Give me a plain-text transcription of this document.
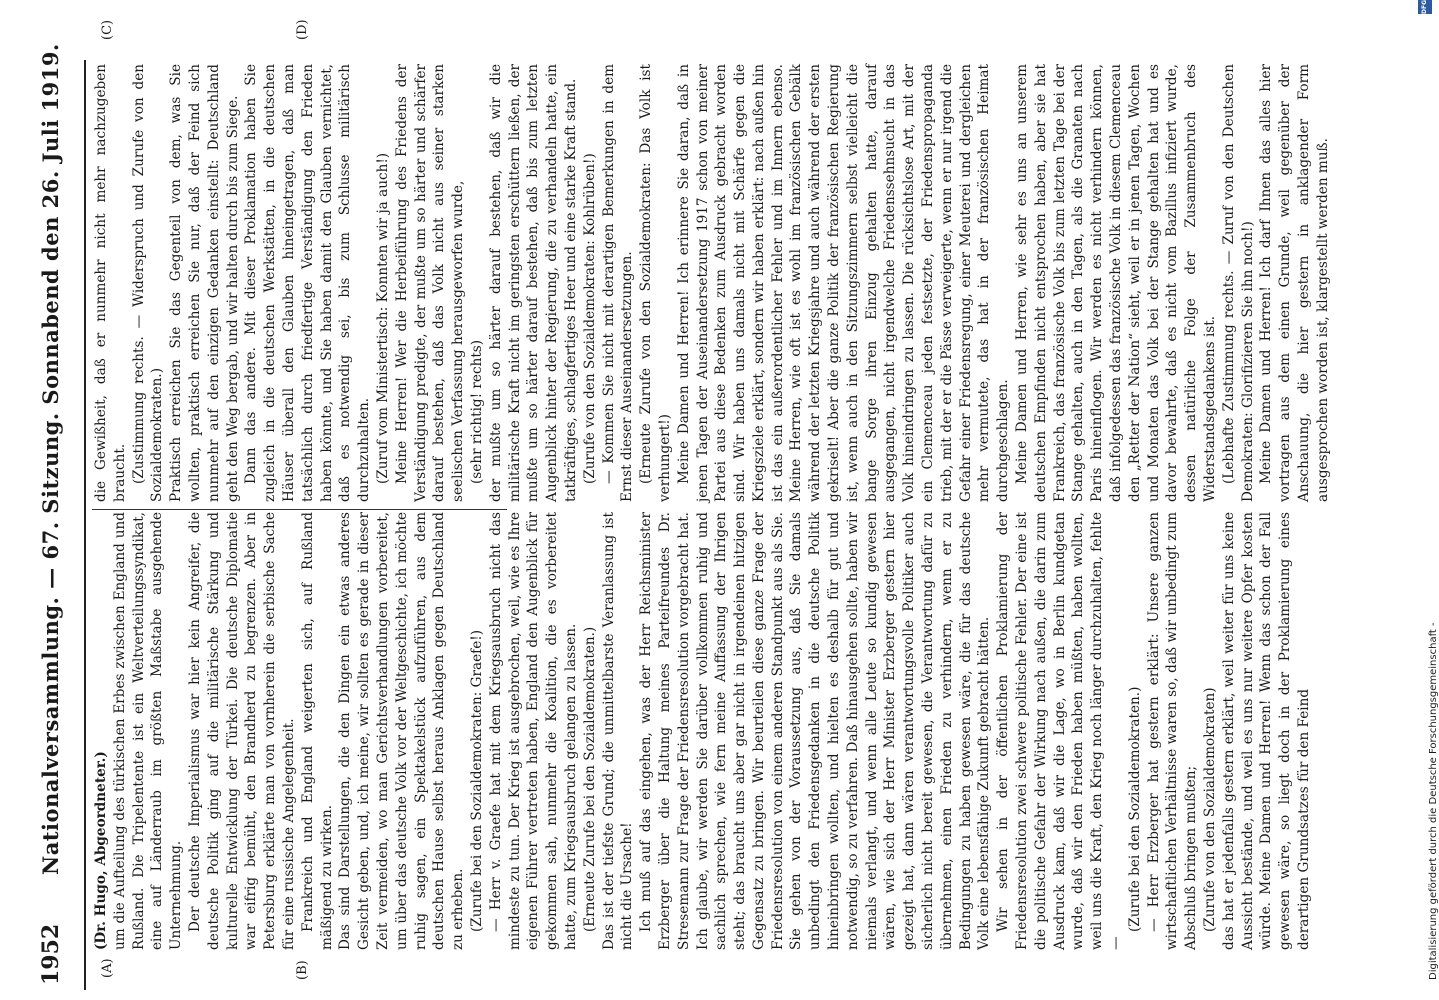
1952
Nationalversammlung. — 67. Sitzung. Sonnabend den 26. Juli 1919.
(A)	(B)
(C)	(D)

(Dr. Hugo, Abgeordneter.) um die Aufteilung des türkischen Erbes zwischen England und Rußland. Die Tripelentente ist ein Weltverteilungssyndikat, eine auf Länderraub im größten Maßstabe ausgehende Unternehmung. Der deutsche Imperialismus war hier kein Angreifer, die deutsche Politik ging auf die militärische Stärkung und kulturelle Entwicklung der Türkei. Die deutsche Diplomatie war eifrig bemüht, den Brandherd zu begrenzen. Aber in Petersburg erklärte man von vornherein die serbische Sache für eine russische Angelegenheit. Frankreich und England weigerten sich, auf Rußland mäßigend zu wirken. Das sind Darstellungen, die den Dingen ein etwas anderes Gesicht geben, und, ich meine, wir sollten es gerade in dieser Zeit vermeiden, wo man Gerichtsverhandlungen vorbereitet, um über das deutsche Volk vor der Weltgeschichte, ich möchte ruhig sagen, ein Spektakelstück aufzuführen, aus dem deutschen Hause selbst heraus Anklagen gegen Deutschland zu erheben. (Zurufe bei den Sozialdemokraten: Graefe!) — Herr v. Graefe hat mit dem Kriegsausbruch nicht das mindeste zu tun. Der Krieg ist ausgebrochen, weil, wie es Ihre eigenen Führer vertreten haben, England den Augenblick für gekommen sah, nunmehr die Koalition, die es vorbereitet hatte, zum Kriegsausbruch gelangen zu lassen. (Erneute Zurufe bei den Sozialdemokraten.) Das ist der tiefste Grund; die unmittelbarste Veranlassung ist nicht die Ursache! Ich muß auf das eingehen, was der Herr Reichsminister Erzberger über die Haltung meines Parteifreundes Dr. Stresemann zur Frage der Friedensresolution vorgebracht hat. Ich glaube, wir werden Sie darüber vollkommen ruhig und sachlich sprechen, wie fern meine Auffassung der Ihrigen steht; das braucht uns aber gar nicht in irgendeinen hitzigen Gegensatz zu bringen. Wir beurteilen diese ganze Frage der Friedensresolution von einem anderen Standpunkt aus als Sie. Sie gehen von der Voraussetzung aus, daß Sie damals unbedingt den Friedensgedanken in die deutsche Politik hineinbringen wollten, und hielten es deshalb für gut und notwendig, so zu verfahren. Daß hinausgehen sollte, haben wir niemals verlangt, und wenn alle Leute so kundig gewesen wären, wie sich der Herr Minister Erzberger gestern hier gezeigt hat, dann wären verantwortungsvolle Politiker auch sicherlich nicht bereit gewesen, die Verantwortung dafür zu übernehmen, einen Frieden zu verhindern, wenn er zu Bedingungen zu haben gewesen wäre, die für das deutsche Volk eine lebensfähige Zukunft gebracht hätten. Wir sehen in der öffentlichen Proklamierung der Friedensresolution zwei schwere politische Fehler. Der eine ist die politische Gefahr der Wirkung nach außen, die darin zum Ausdruck kam, daß wir die Lage, wo in Berlin kundgetan wurde, daß wir den Frieden haben müßten, haben wollten, weil uns die Kraft, den Krieg noch länger durchzuhalten, fehlte —

(Zurufe bei den Sozialdemokraten.) — Herr Erzberger hat gestern erklärt: Unsere ganzen wirtschaftlichen Verhältnisse waren so, daß wir unbedingt zum Abschluß bringen mußten; (Zurufe von den Sozialdemokraten) das hat er jedenfalls gestern erklärt, weil weiter für uns keine Aussicht bestände, und weil es uns nur weitere Opfer kosten würde. Meine Damen und Herren! Wenn das schon der Fall gewesen wäre, so liegt doch in der Proklamierung eines derartigen Grundsatzes für den Feind

die Gewißheit, daß er nunmehr nicht mehr nachzugeben braucht. (Zustimmung rechts. — Widerspruch und Zurufe von den Sozialdemokraten.) Praktisch erreichen Sie das Gegenteil von dem, was Sie wollten, praktisch erreichen Sie nur, daß der Feind sich nunmehr auf den einzigen Gedanken einstellt: Deutschland geht den Weg bergab, und wir halten durch bis zum Siege. Dann das andere. Mit dieser Proklamation haben Sie zugleich in die deutschen Werkstätten, in die deutschen Häuser überall den Glauben hineingetragen, daß man tatsächlich durch friedfertige Verständigung den Frieden haben könnte, und Sie haben damit den Glauben vernichtet, daß es notwendig sei, bis zum Schlusse militärisch durchzuhalten. (Zuruf vom Ministertisch: Konnten wir ja auch!) Meine Herren! Wer die Herbeiführung des Friedens der Verständigung predigte, der mußte um so härter und schärfer darauf bestehen, daß das Volk nicht aus seiner starken seelischen Verfassung herausgeworfen wurde, (sehr richtig! rechts) der mußte um so härter darauf bestehen, daß wir die militärische Kraft nicht im geringsten erschüttern ließen, der mußte um so härter darauf bestehen, daß bis zum letzten Augenblick hinter der Regierung, die zu verhandeln hatte, ein tatkräftiges, schlagfertiges Heer und eine starke Kraft stand. (Zurufe von den Sozialdemokraten: Kohlrüben!) — Kommen Sie nicht mit derartigen Bemerkungen in dem Ernst dieser Auseinandersetzungen. (Erneute Zurufe von den Sozialdemokraten: Das Volk ist verhungert!) Meine Damen und Herren! Ich erinnere Sie daran, daß in jenen Tagen der Auseinandersetzung 1917 schon von meiner Partei aus diese Bedenken zum Ausdruck gebracht worden sind. Wir haben uns damals nicht mit Schärfe gegen die Kriegsziele erklärt, sondern wir haben erklärt: nach außen hin ist das ein außerordentlicher Fehler und im Innern ebenso. Meine Herren, wie oft ist es wohl im französischen Gebälk während der letzten Kriegsjahre und auch während der ersten gekriselt! Aber die ganze Politik der französischen Regierung ist, wenn auch in den Sitzungszimmern selbst vielleicht die bange Sorge ihren Einzug gehalten hatte, darauf ausgegangen, nicht irgendwelche Friedenssehnsucht in das Volk hineindringen zu lassen. Die rücksichtslose Art, mit der ein Clemenceau jeden festsetzte, der Friedenspropaganda trieb, mit der er die Pässe verweigerte, wenn er nur irgend die Gefahr einer Friedensregung, einer Meuterei und dergleichen mehr vermutete, das hat in der französischen Heimat durchgeschlagen. Meine Damen und Herren, wie sehr es uns an unserem deutschen Empfinden nicht entsprochen haben, aber sie hat Frankreich, das französische Volk bis zum letzten Tage bei der Stange gehalten, auch in den Tagen, als die Granaten nach Paris hineinflogen. Wir werden es nicht verhindern können, daß infolgedessen das französische Volk in diesem Clemenceau den „Retter der Nation“ sieht, weil er in jenen Tagen, Wochen und Monaten das Volk bei der Stange gehalten hat und es davor bewahrte, daß es nicht vom Bazillus infiziert wurde, dessen natürliche Folge der Zusammenbruch des Widerstandsgedankens ist. (Lebhafte Zustimmung rechts. — Zuruf von den Deutschen Demokraten: Glorifizieren Sie ihn noch!) Meine Damen und Herren! Ich darf Ihnen das alles hier vortragen aus dem einen Grunde, weil gegenüber der Anschauung, die hier gestern in anklagender Form ausgesprochen worden ist, klargestellt werden muß.

Digitalisierung gefördert durch die Deutsche Forschungsgemeinschaft -
DFG
